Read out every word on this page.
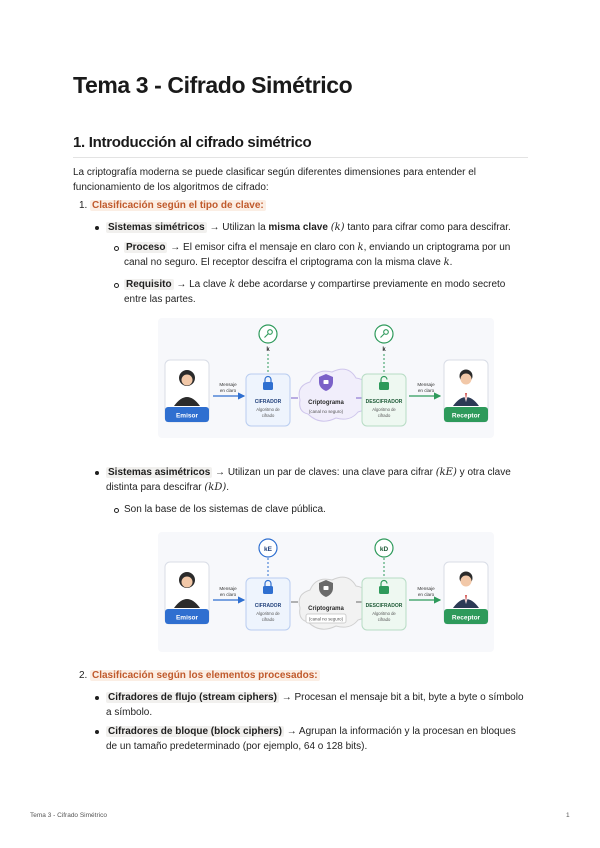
Tema 3 - Cifrado Simétrico
1. Introducción al cifrado simétrico
La criptografía moderna se puede clasificar según diferentes dimensiones para entender el
funcionamiento de los algoritmos de cifrado:
1. Clasificación según el tipo de clave:
Sistemas simétricos → Utilizan la misma clave (k) tanto para cifrar como para descifrar.
Proceso → El emisor cifra el mensaje en claro con k, enviando un criptograma por un
canal no seguro. El receptor descifra el criptograma con la misma clave k.
Requisito → La clave k debe acordarse y compartirse previamente en modo secreto
entre las partes.
Emisor
Mensaje
en claro
k
CIFRADOR
Algoritmo de
cifrado
Criptograma
(canal no seguro)
k
DESCIFRADOR
Algoritmo de
cifrado
Mensaje
en claro
Receptor
Sistemas asimétricos → Utilizan un par de claves: una clave para cifrar (kE) y otra clave
distinta para descifrar (kD).
Son la base de los sistemas de clave pública.
Emisor
Mensaje
en claro
kE
CIFRADOR
Algoritmo de
cifrado
Criptograma
(canal no seguro)
kD
DESCIFRADOR
Algoritmo de
cifrado
Mensaje
en claro
Receptor
2. Clasificación según los elementos procesados:
Cifradores de flujo (stream ciphers) → Procesan el mensaje bit a bit, byte a byte o símbolo
a símbolo.
Cifradores de bloque (block ciphers) → Agrupan la información y la procesan en bloques
de un tamaño predeterminado (por ejemplo, 64 o 128 bits).
Tema 3 - Cifrado Simétrico	1
